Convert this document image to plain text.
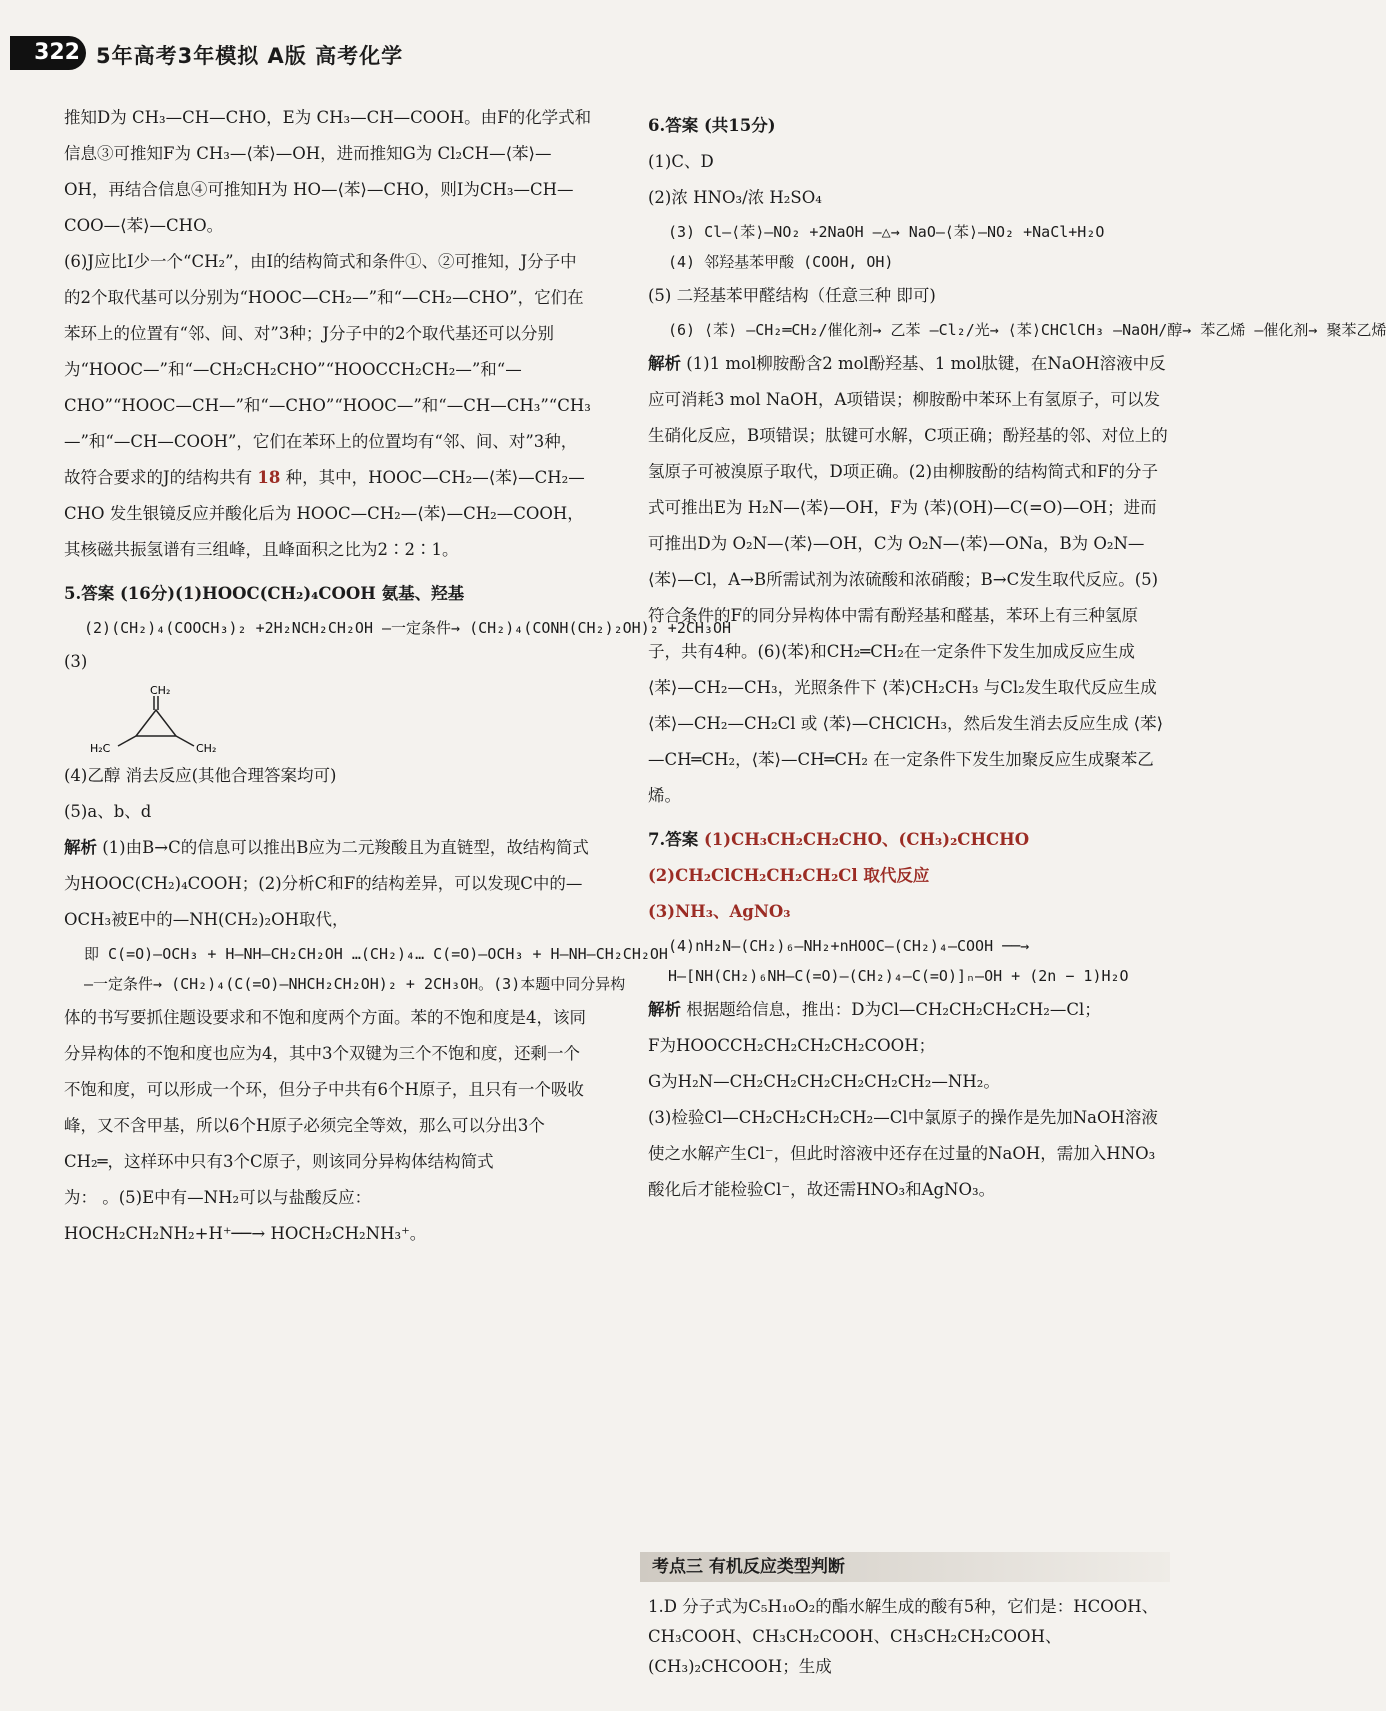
322 5年高考3年模拟 A版 高考化学

推知D为 CH₃—CH—CHO，E为 CH₃—CH—COOH。由F的化学式和信息③可推知F为 CH₃—⟨苯⟩—OH，进而推知G为 Cl₂CH—⟨苯⟩—OH，再结合信息④可推知H为 HO—⟨苯⟩—CHO，则I为CH₃—CH—COO—⟨苯⟩—CHO。

(6)J应比I少一个“CH₂”，由I的结构简式和条件①、②可推知，J分子中的2个取代基可以分别为“HOOC—CH₂—”和“—CH₂—CHO”，它们在苯环上的位置有“邻、间、对”3种；J分子中的2个取代基还可以分别为“HOOC—”和“—CH₂CH₂CHO”“HOOCCH₂CH₂—”和“—CHO”“HOOC—CH—”和“—CHO”“HOOC—”和“—CH—CH₃”“CH₃—”和“—CH—COOH”，它们在苯环上的位置均有“邻、间、对”3种，故符合要求的J的结构共有 18 种，其中，HOOC—CH₂—⟨苯⟩—CH₂—CHO 发生银镜反应并酸化后为 HOOC—CH₂—⟨苯⟩—CH₂—COOH，其核磁共振氢谱有三组峰，且峰面积之比为2∶2∶1。

5.答案 (16分)(1)HOOC(CH₂)₄COOH 氨基、羟基

(2)(CH₂)₄(COOCH₃)₂ +2H₂NCH₂CH₂OH —一定条件→ (CH₂)₄(CONH(CH₂)₂OH)₂ +2CH₃OH
(3)
CH₂
H₂C	CH₂

(4)乙醇 消去反应(其他合理答案均可)

(5)a、b、d

解析 (1)由B→C的信息可以推出B应为二元羧酸且为直链型，故结构简式为HOOC(CH₂)₄COOH；(2)分析C和F的结构差异，可以发现C中的—OCH₃被E中的—NH(CH₂)₂OH取代，

即 C(=O)—OCH₃ + H—NH—CH₂CH₂OH …(CH₂)₄… C(=O)—OCH₃ + H—NH—CH₂CH₂OH
—一定条件→ (CH₂)₄(C(=O)—NHCH₂CH₂OH)₂ + 2CH₃OH。(3)本题中同分异构

体的书写要抓住题设要求和不饱和度两个方面。苯的不饱和度是4，该同分异构体的不饱和度也应为4，其中3个双键为三个不饱和度，还剩一个不饱和度，可以形成一个环，但分子中共有6个H原子，且只有一个吸收峰，又不含甲基，所以6个H原子必须完全等效，那么可以分出3个CH₂═，这样环中只有3个C原子，则该同分异构体结构简式

为： 。(5)E中有—NH₂可以与盐酸反应：

HOCH₂CH₂NH₂+H⁺──→ HOCH₂CH₂NH₃⁺。

6.答案 (共15分)

(1)C、D

(2)浓 HNO₃/浓 H₂SO₄

(3) Cl—⟨苯⟩—NO₂ +2NaOH —△→ NaO—⟨苯⟩—NO₂ +NaCl+H₂O
(4) 邻羟基苯甲酸 (COOH, OH)

(5) 二羟基苯甲醛结构（任意三种 即可)

(6) ⟨苯⟩ —CH₂═CH₂/催化剂→ 乙苯 —Cl₂/光→ ⟨苯⟩CHClCH₃ —NaOH/醇→ 苯乙烯 —催化剂→ 聚苯乙烯

解析 (1)1 mol柳胺酚含2 mol酚羟基、1 mol肽键，在NaOH溶液中反应可消耗3 mol NaOH，A项错误；柳胺酚中苯环上有氢原子，可以发生硝化反应，B项错误；肽键可水解，C项正确；酚羟基的邻、对位上的氢原子可被溴原子取代，D项正确。(2)由柳胺酚的结构简式和F的分子式可推出E为 H₂N—⟨苯⟩—OH，F为 ⟨苯⟩(OH)—C(=O)—OH；进而可推出D为 O₂N—⟨苯⟩—OH，C为 O₂N—⟨苯⟩—ONa，B为 O₂N—⟨苯⟩—Cl，A→B所需试剂为浓硫酸和浓硝酸；B→C发生取代反应。(5)符合条件的F的同分异构体中需有酚羟基和醛基，苯环上有三种氢原子，共有4种。(6)⟨苯⟩和CH₂═CH₂在一定条件下发生加成反应生成 ⟨苯⟩—CH₂—CH₃，光照条件下 ⟨苯⟩CH₂CH₃ 与Cl₂发生取代反应生成 ⟨苯⟩—CH₂—CH₂Cl 或 ⟨苯⟩—CHClCH₃，然后发生消去反应生成 ⟨苯⟩—CH═CH₂，⟨苯⟩—CH═CH₂ 在一定条件下发生加聚反应生成聚苯乙烯。

7.答案 (1)CH₃CH₂CH₂CHO、(CH₃)₂CHCHO

(2)CH₂ClCH₂CH₂CH₂Cl 取代反应

(3)NH₃、AgNO₃

(4)nH₂N—(CH₂)₆—NH₂+nHOOC—(CH₂)₄—COOH ──→
H—[NH(CH₂)₆NH—C(=O)—(CH₂)₄—C(=O)]ₙ—OH + (2n − 1)H₂O

解析 根据题给信息，推出：D为Cl—CH₂CH₂CH₂CH₂—Cl；

F为HOOCCH₂CH₂CH₂CH₂COOH；

G为H₂N—CH₂CH₂CH₂CH₂CH₂CH₂—NH₂。

(3)检验Cl—CH₂CH₂CH₂CH₂—Cl中氯原子的操作是先加NaOH溶液使之水解产生Cl⁻，但此时溶液中还存在过量的NaOH，需加入HNO₃酸化后才能检验Cl⁻，故还需HNO₃和AgNO₃。

考点三 有机反应类型判断
1.D 分子式为C₅H₁₀O₂的酯水解生成的酸有5种，它们是：HCOOH、CH₃COOH、CH₃CH₂COOH、CH₃CH₂CH₂COOH、(CH₃)₂CHCOOH；生成
